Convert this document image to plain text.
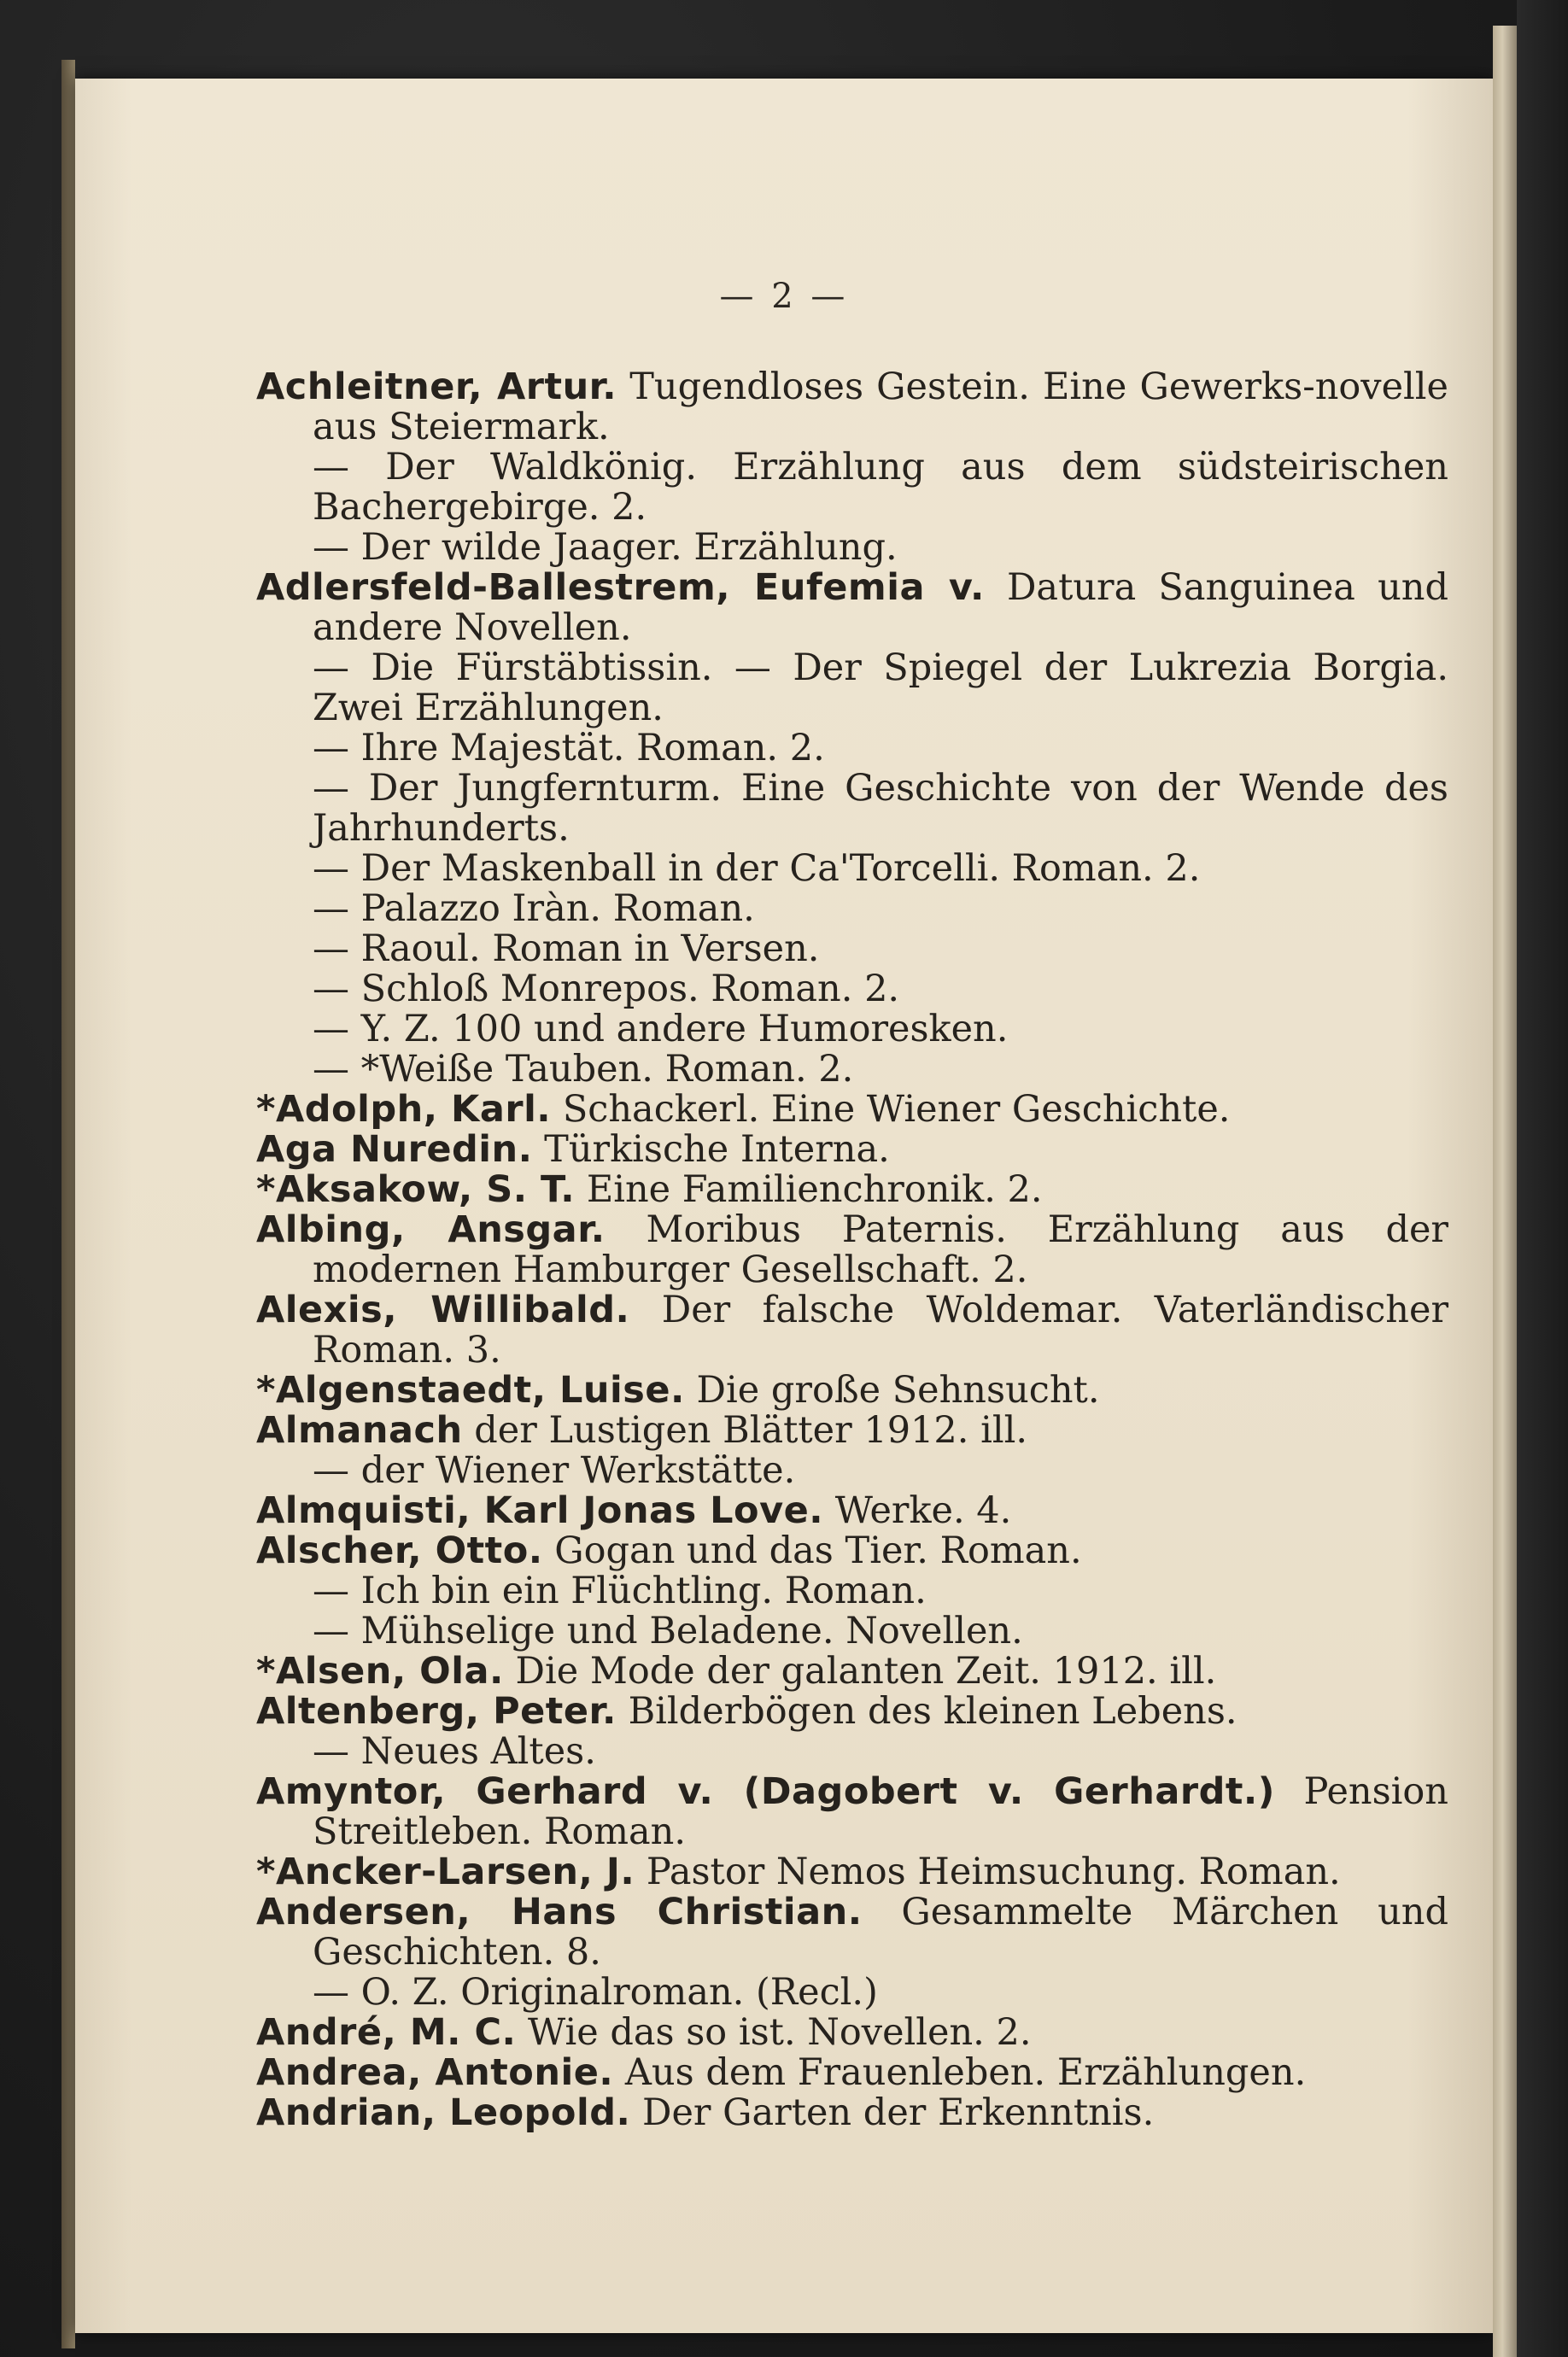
— 2 —

Achleitner, Artur. Tugendloses Gestein. Eine Gewerks-novelle aus Steiermark.

— Der Waldkönig. Erzählung aus dem südsteirischen Bachergebirge. 2.

— Der wilde Jaager. Erzählung.

Adlersfeld-Ballestrem, Eufemia v. Datura Sanguinea und andere Novellen.

— Die Fürstäbtissin. — Der Spiegel der Lukrezia Borgia. Zwei Erzählungen.

— Ihre Majestät. Roman. 2.

— Der Jungfernturm. Eine Geschichte von der Wende des Jahrhunderts.

— Der Maskenball in der Ca'Torcelli. Roman. 2.

— Palazzo Iràn. Roman.

— Raoul. Roman in Versen.

— Schloß Monrepos. Roman. 2.

— Y. Z. 100 und andere Humoresken.

— *Weiße Tauben. Roman. 2.

*Adolph, Karl. Schackerl. Eine Wiener Geschichte.

Aga Nuredin. Türkische Interna.

*Aksakow, S. T. Eine Familienchronik. 2.

Albing, Ansgar. Moribus Paternis. Erzählung aus der modernen Hamburger Gesellschaft. 2.

Alexis, Willibald. Der falsche Woldemar. Vaterländischer Roman. 3.

*Algenstaedt, Luise. Die große Sehnsucht.

Almanach der Lustigen Blätter 1912. ill.

— der Wiener Werkstätte.

Almquisti, Karl Jonas Love. Werke. 4.

Alscher, Otto. Gogan und das Tier. Roman.

— Ich bin ein Flüchtling. Roman.

— Mühselige und Beladene. Novellen.

*Alsen, Ola. Die Mode der galanten Zeit. 1912. ill.

Altenberg, Peter. Bilderbögen des kleinen Lebens.

— Neues Altes.

Amyntor, Gerhard v. (Dagobert v. Gerhardt.) Pension Streitleben. Roman.

*Ancker-Larsen, J. Pastor Nemos Heimsuchung. Roman.

Andersen, Hans Christian. Gesammelte Märchen und Geschichten. 8.

— O. Z. Originalroman. (Recl.)

André, M. C. Wie das so ist. Novellen. 2.

Andrea, Antonie. Aus dem Frauenleben. Erzählungen.

Andrian, Leopold. Der Garten der Erkenntnis.
